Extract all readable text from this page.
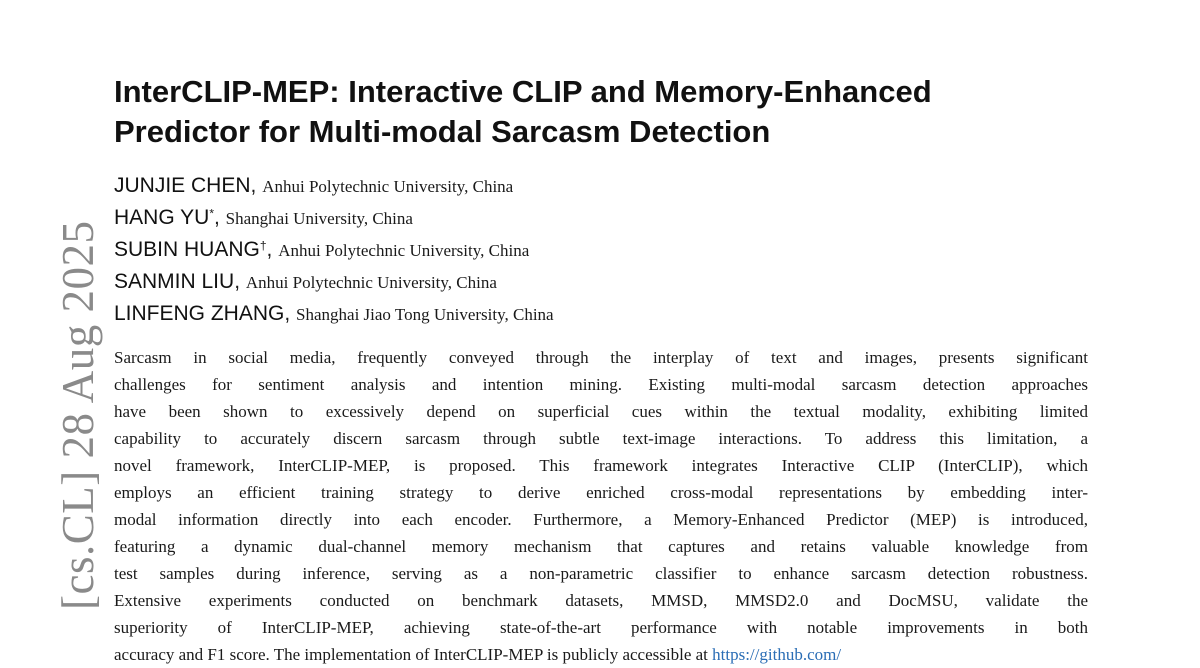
[cs.CL] 28 Aug 2025
InterCLIP-MEP: Interactive CLIP and Memory-Enhanced
Predictor for Multi-modal Sarcasm Detection
JUNJIE CHEN, Anhui Polytechnic University, China
HANG YU*, Shanghai University, China
SUBIN HUANG†, Anhui Polytechnic University, China
SANMIN LIU, Anhui Polytechnic University, China
LINFENG ZHANG, Shanghai Jiao Tong University, China
Sarcasm in social media, frequently conveyed through the interplay of text and images, presents significant
challenges for sentiment analysis and intention mining. Existing multi-modal sarcasm detection approaches
have been shown to excessively depend on superficial cues within the textual modality, exhibiting limited
capability to accurately discern sarcasm through subtle text-image interactions. To address this limitation, a
novel framework, InterCLIP-MEP, is proposed. This framework integrates Interactive CLIP (InterCLIP), which
employs an efficient training strategy to derive enriched cross-modal representations by embedding inter-
modal information directly into each encoder. Furthermore, a Memory-Enhanced Predictor (MEP) is introduced,
featuring a dynamic dual-channel memory mechanism that captures and retains valuable knowledge from
test samples during inference, serving as a non-parametric classifier to enhance sarcasm detection robustness.
Extensive experiments conducted on benchmark datasets, MMSD, MMSD2.0 and DocMSU, validate the
superiority of InterCLIP-MEP, achieving state-of-the-art performance with notable improvements in both
accuracy and F1 score. The implementation of InterCLIP-MEP is publicly accessible at https://github.com/
